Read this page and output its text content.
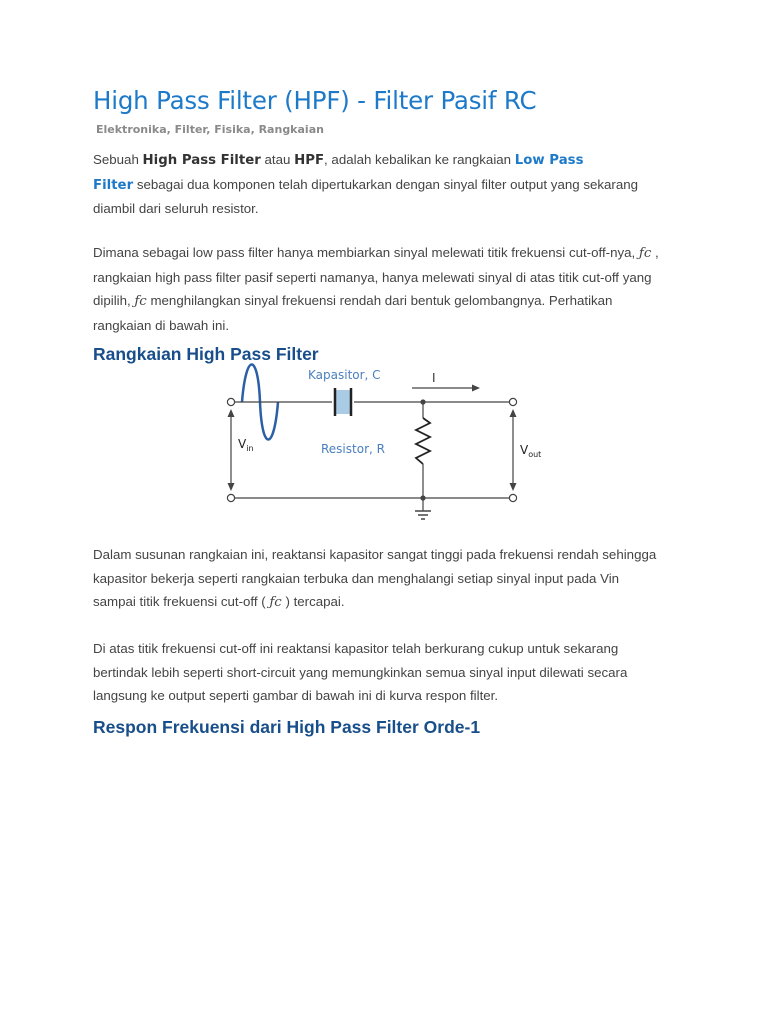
High Pass Filter (HPF) - Filter Pasif RC
Elektronika, Filter, Fisika, Rangkaian
Sebuah High Pass Filter atau HPF, adalah kebalikan ke rangkaian Low Pass
Filter sebagai dua komponen telah dipertukarkan dengan sinyal filter output yang sekarang
diambil dari seluruh resistor.
Dimana sebagai low pass filter hanya membiarkan sinyal melewati titik frekuensi cut-off-nya, ƒc ,
rangkaian high pass filter pasif seperti namanya, hanya melewati sinyal di atas titik cut-off yang
dipilih, ƒc menghilangkan sinyal frekuensi rendah dari bentuk gelombangnya. Perhatikan
rangkaian di bawah ini.
Rangkaian High Pass Filter
Dalam susunan rangkaian ini, reaktansi kapasitor sangat tinggi pada frekuensi rendah sehingga
kapasitor bekerja seperti rangkaian terbuka dan menghalangi setiap sinyal input pada Vin
sampai titik frekuensi cut-off ( ƒc ) tercapai.
Di atas titik frekuensi cut-off ini reaktansi kapasitor telah berkurang cukup untuk sekarang
bertindak lebih seperti short-circuit yang memungkinkan semua sinyal input dilewati secara
langsung ke output seperti gambar di bawah ini di kurva respon filter.
Respon Frekuensi dari High Pass Filter Orde-1
Kapasitor, C	I
Resistor, R
$V_{in}$	$V_{out}$
